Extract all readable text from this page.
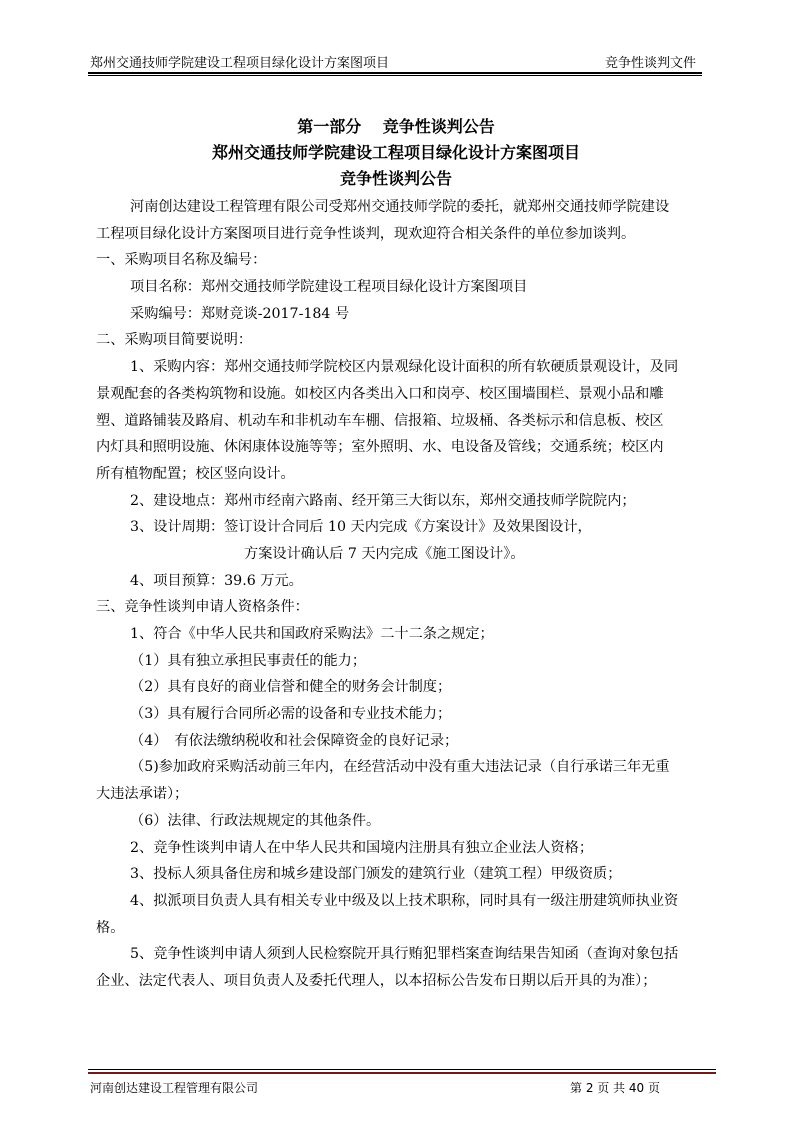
郑州交通技师学院建设工程项目绿化设计方案图项目	竞争性谈判文件
第一部分　 竞争性谈判公告
郑州交通技师学院建设工程项目绿化设计方案图项目
竞争性谈判公告
河南创达建设工程管理有限公司受郑州交通技师学院的委托，就郑州交通技师学院建设
工程项目绿化设计方案图项目进行竞争性谈判，现欢迎符合相关条件的单位参加谈判。
一、采购项目名称及编号：
项目名称：郑州交通技师学院建设工程项目绿化设计方案图项目
采购编号：郑财竞谈-2017-184 号
二、采购项目简要说明：
1、采购内容：郑州交通技师学院校区内景观绿化设计面积的所有软硬质景观设计，及同
景观配套的各类构筑物和设施。如校区内各类出入口和岗亭、校区围墙围栏、景观小品和雕
塑、道路铺装及路肩、机动车和非机动车车棚、信报箱、垃圾桶、各类标示和信息板、校区
内灯具和照明设施、休闲康体设施等等；室外照明、水、电设备及管线；交通系统；校区内
所有植物配置；校区竖向设计。
2、建设地点：郑州市经南六路南、经开第三大街以东，郑州交通技师学院院内；
3、设计周期：签订设计合同后 10 天内完成《方案设计》及效果图设计，
方案设计确认后 7 天内完成《施工图设计》。
4、项目预算：39.6 万元。
三、竞争性谈判申请人资格条件：
1、符合《中华人民共和国政府采购法》二十二条之规定；
（1）具有独立承担民事责任的能力；
（2）具有良好的商业信誉和健全的财务会计制度；
（3）具有履行合同所必需的设备和专业技术能力；
（4）　有依法缴纳税收和社会保障资金的良好记录；
（5)参加政府采购活动前三年内，在经营活动中没有重大违法记录（自行承诺三年无重
大违法承诺）；
（6）法律、行政法规规定的其他条件。
2、竞争性谈判申请人在中华人民共和国境内注册具有独立企业法人资格；
3、投标人须具备住房和城乡建设部门颁发的建筑行业（建筑工程）甲级资质；
4、拟派项目负责人具有相关专业中级及以上技术职称，同时具有一级注册建筑师执业资
格。
5、竞争性谈判申请人须到人民检察院开具行贿犯罪档案查询结果告知函（查询对象包括
企业、法定代表人、项目负责人及委托代理人，以本招标公告发布日期以后开具的为准）；
河南创达建设工程管理有限公司	第 2 页 共 40 页
